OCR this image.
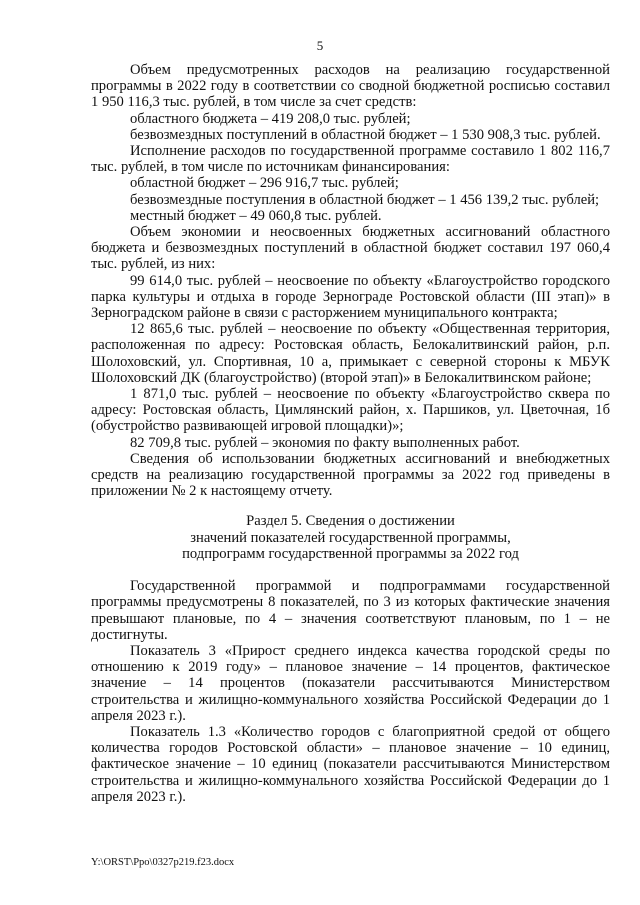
5

Объем предусмотренных расходов на реализацию государственной программы в 2022 году в соответствии со сводной бюджетной росписью составил 1 950 116,3 тыс. рублей, в том числе за счет средств:

областного бюджета – 419 208,0 тыс. рублей;

безвозмездных поступлений в областной бюджет – 1 530 908,3 тыс. рублей.

Исполнение расходов по государственной программе составило 1 802 116,7 тыс. рублей, в том числе по источникам финансирования:

областной бюджет – 296 916,7 тыс. рублей;

безвозмездные поступления в областной бюджет – 1 456 139,2 тыс. рублей;

местный бюджет – 49 060,8 тыс. рублей.

Объем экономии и неосвоенных бюджетных ассигнований областного бюджета и безвозмездных поступлений в областной бюджет составил 197 060,4 тыс. рублей, из них:

99 614,0 тыс. рублей – неосвоение по объекту «Благоустройство городского парка культуры и отдыха в городе Зернограде Ростовской области (III этап)» в Зерноградском районе в связи с расторжением муниципального контракта;

12 865,6 тыс. рублей – неосвоение по объекту «Общественная территория, расположенная по адресу: Ростовская область, Белокалитвинский район, р.п. Шолоховский, ул. Спортивная, 10 а, примыкает с северной стороны к МБУК Шолоховский ДК (благоустройство) (второй этап)» в Белокалитвинском районе;

1 871,0 тыс. рублей – неосвоение по объекту «Благоустройство сквера по адресу: Ростовская область, Цимлянский район, х. Паршиков, ул. Цветочная, 1б (обустройство развивающей игровой площадки)»;

82 709,8 тыс. рублей – экономия по факту выполненных работ.

Сведения об использовании бюджетных ассигнований и внебюджетных средств на реализацию государственной программы за 2022 год приведены в приложении № 2 к настоящему отчету.

Раздел 5. Сведения о достижении
значений показателей государственной программы,
подпрограмм государственной программы за 2022 год

Государственной программой и подпрограммами государственной программы предусмотрены 8 показателей, по 3 из которых фактические значения превышают плановые, по 4 – значения соответствуют плановым, по 1 – не достигнуты.

Показатель 3 «Прирост среднего индекса качества городской среды по отношению к 2019 году» – плановое значение – 14 процентов, фактическое значение – 14 процентов (показатели рассчитываются Министерством строительства и жилищно-коммунального хозяйства Российской Федерации до 1 апреля 2023 г.).

Показатель 1.3 «Количество городов с благоприятной средой от общего количества городов Ростовской области» – плановое значение – 10 единиц, фактическое значение – 10 единиц (показатели рассчитываются Министерством строительства и жилищно-коммунального хозяйства Российской Федерации до 1 апреля 2023 г.).

Y:\ORST\Ppo\0327p219.f23.docx
